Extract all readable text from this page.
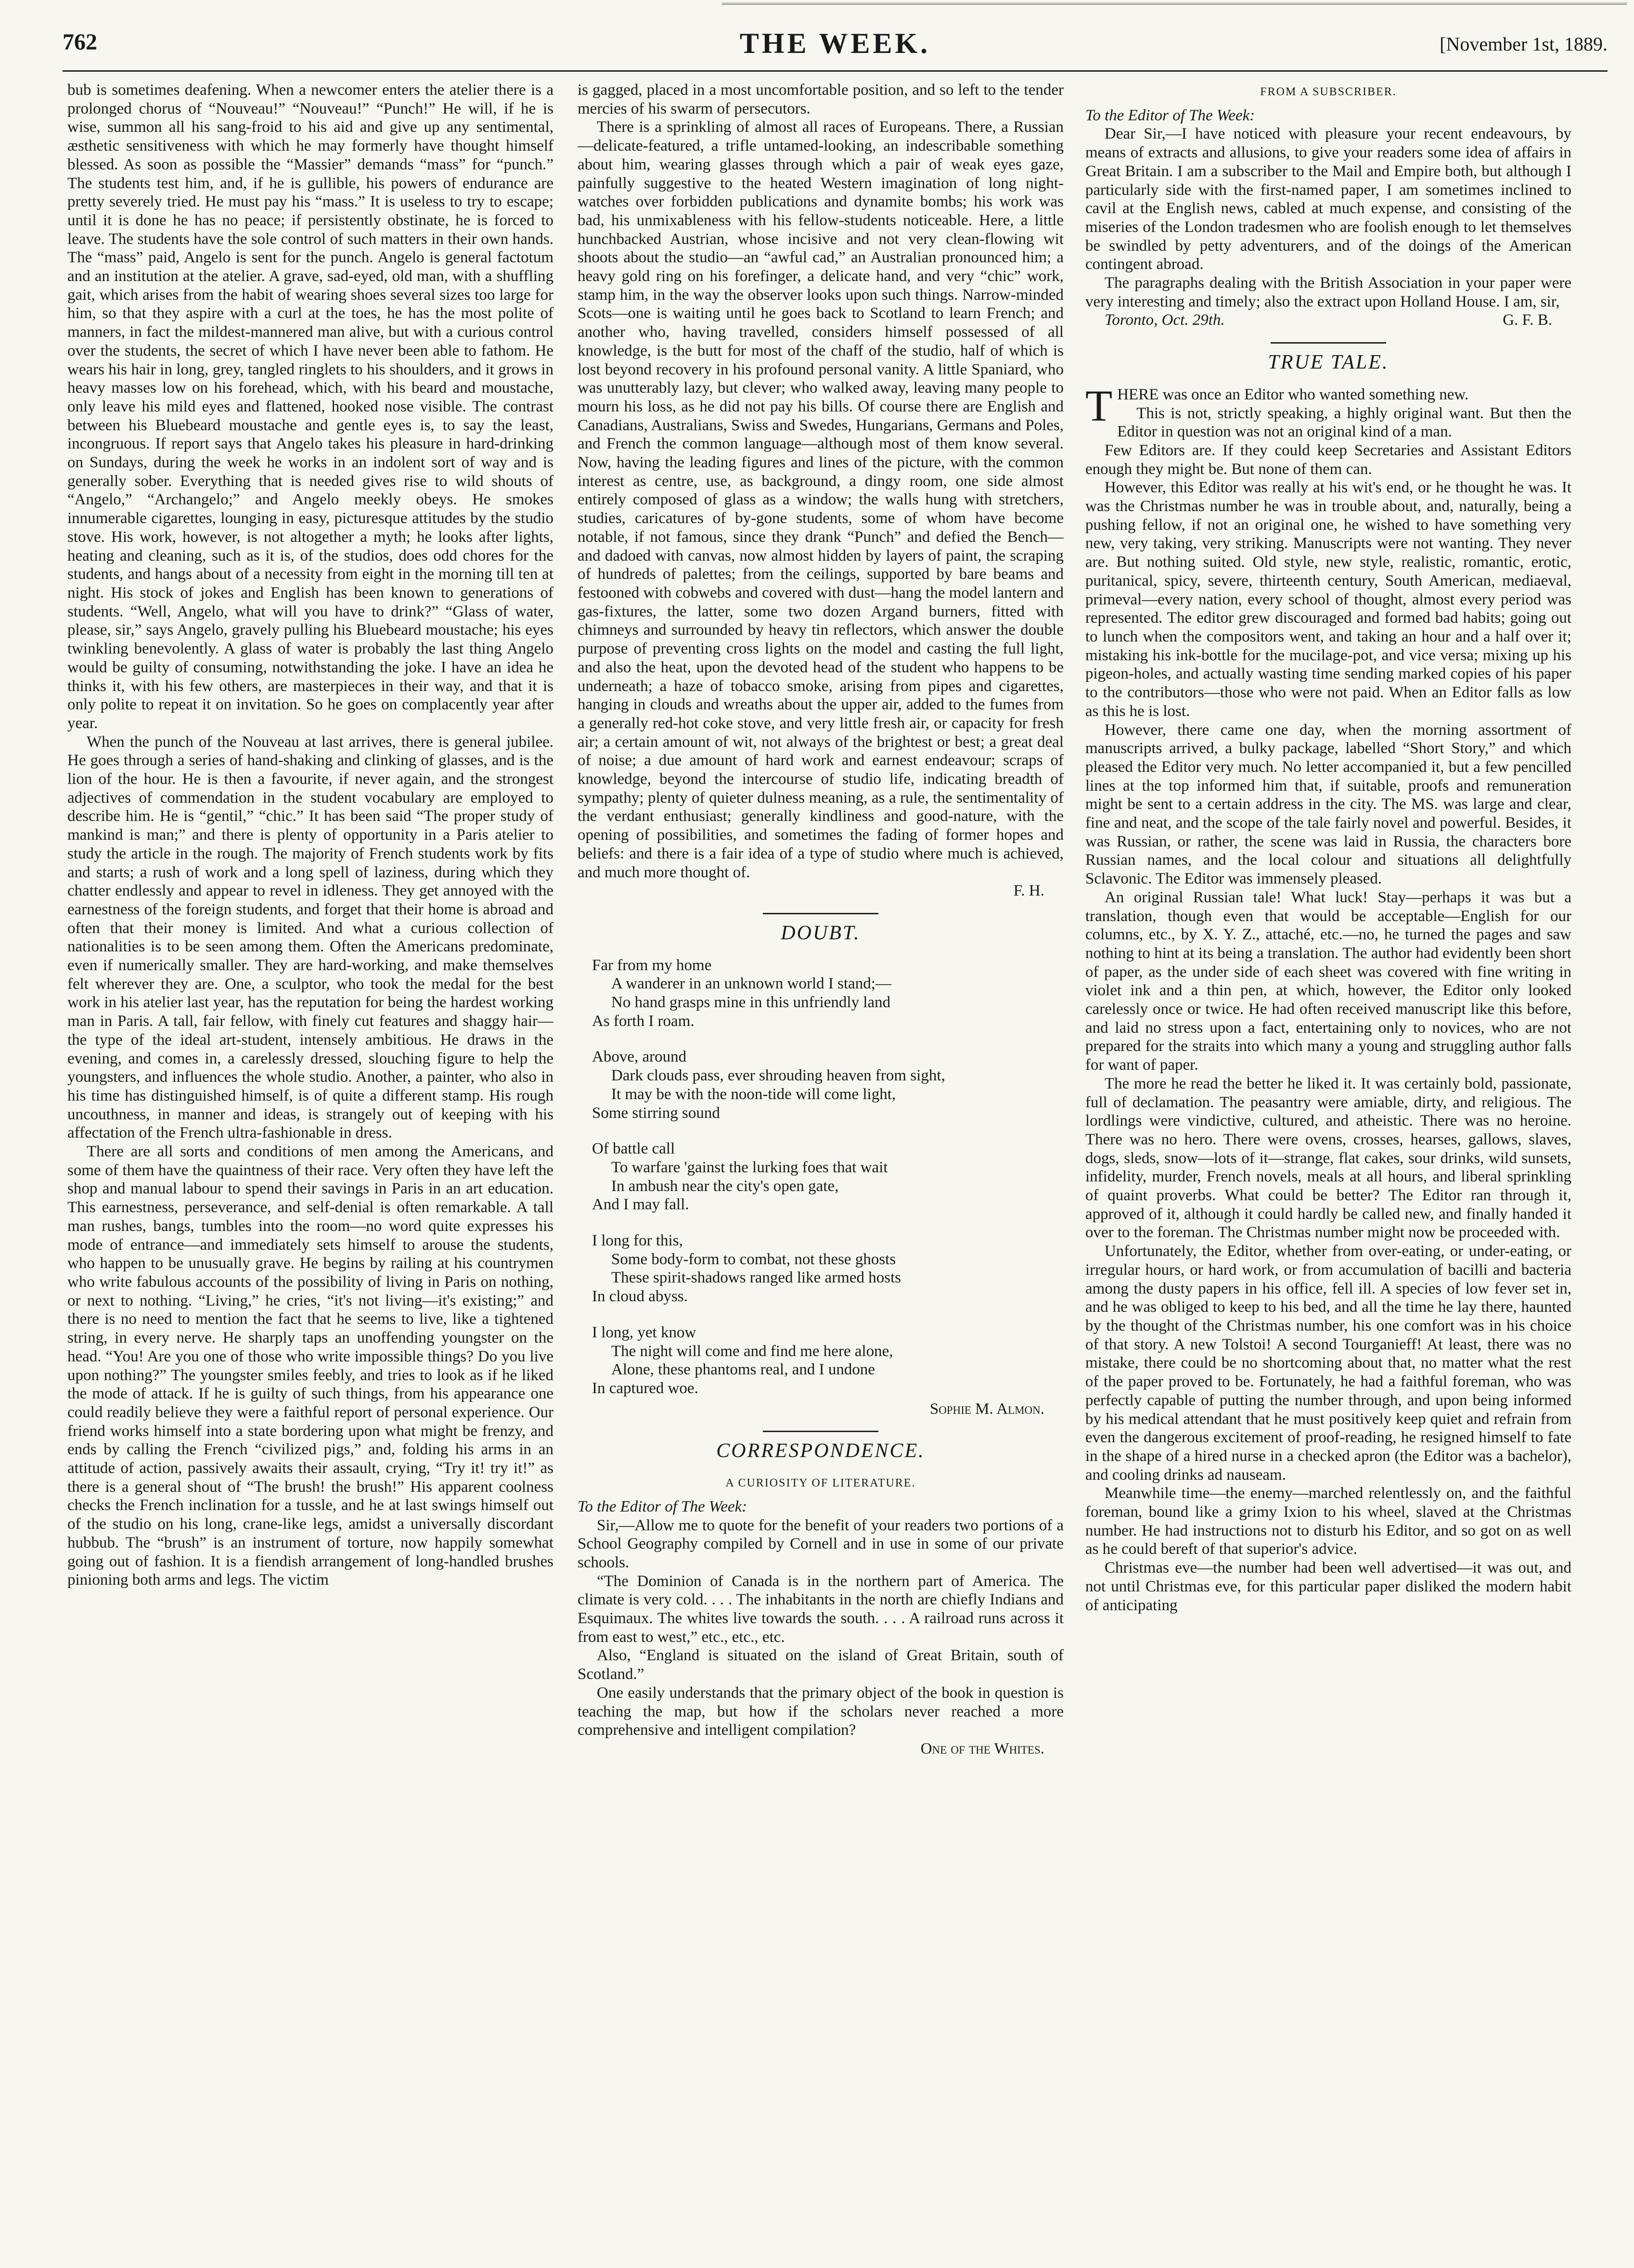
762	THE WEEK.	[November 1st, 1889.

bub is sometimes deafening. When a newcomer enters the atelier there is a prolonged chorus of “Nouveau!” “Nouveau!” “Punch!” He will, if he is wise, summon all his sang-froid to his aid and give up any sentimental, æsthetic sensitiveness with which he may formerly have thought himself blessed. As soon as possible the “Massier” demands “mass” for “punch.” The students test him, and, if he is gullible, his powers of endurance are pretty severely tried. He must pay his “mass.” It is useless to try to escape; until it is done he has no peace; if persistently obstinate, he is forced to leave. The students have the sole control of such matters in their own hands. The “mass” paid, Angelo is sent for the punch. Angelo is general factotum and an institution at the atelier. A grave, sad-eyed, old man, with a shuffling gait, which arises from the habit of wearing shoes several sizes too large for him, so that they aspire with a curl at the toes, he has the most polite of manners, in fact the mildest-mannered man alive, but with a curious control over the students, the secret of which I have never been able to fathom. He wears his hair in long, grey, tangled ringlets to his shoulders, and it grows in heavy masses low on his forehead, which, with his beard and moustache, only leave his mild eyes and flattened, hooked nose visible. The contrast between his Bluebeard moustache and gentle eyes is, to say the least, incongruous. If report says that Angelo takes his pleasure in hard-drinking on Sundays, during the week he works in an indolent sort of way and is generally sober. Everything that is needed gives rise to wild shouts of “Angelo,” “Archangelo;” and Angelo meekly obeys. He smokes innumerable cigarettes, lounging in easy, picturesque attitudes by the studio stove. His work, however, is not altogether a myth; he looks after lights, heating and cleaning, such as it is, of the studios, does odd chores for the students, and hangs about of a necessity from eight in the morning till ten at night. His stock of jokes and English has been known to generations of students. “Well, Angelo, what will you have to drink?” “Glass of water, please, sir,” says Angelo, gravely pulling his Bluebeard moustache; his eyes twinkling benevolently. A glass of water is probably the last thing Angelo would be guilty of consuming, notwithstanding the joke. I have an idea he thinks it, with his few others, are masterpieces in their way, and that it is only polite to repeat it on invitation. So he goes on complacently year after year.

When the punch of the Nouveau at last arrives, there is general jubilee. He goes through a series of hand-shaking and clinking of glasses, and is the lion of the hour. He is then a favourite, if never again, and the strongest adjectives of commendation in the student vocabulary are employed to describe him. He is “gentil,” “chic.” It has been said “The proper study of mankind is man;” and there is plenty of opportunity in a Paris atelier to study the article in the rough. The majority of French students work by fits and starts; a rush of work and a long spell of laziness, during which they chatter endlessly and appear to revel in idleness. They get annoyed with the earnestness of the foreign students, and forget that their home is abroad and often that their money is limited. And what a curious collection of nationalities is to be seen among them. Often the Americans predominate, even if numerically smaller. They are hard-working, and make themselves felt wherever they are. One, a sculptor, who took the medal for the best work in his atelier last year, has the reputation for being the hardest working man in Paris. A tall, fair fellow, with finely cut features and shaggy hair—the type of the ideal art-student, intensely ambitious. He draws in the evening, and comes in, a carelessly dressed, slouching figure to help the youngsters, and influences the whole studio. Another, a painter, who also in his time has distinguished himself, is of quite a different stamp. His rough uncouthness, in manner and ideas, is strangely out of keeping with his affectation of the French ultra-fashionable in dress.

There are all sorts and conditions of men among the Americans, and some of them have the quaintness of their race. Very often they have left the shop and manual labour to spend their savings in Paris in an art education. This earnestness, perseverance, and self-denial is often remarkable. A tall man rushes, bangs, tumbles into the room—no word quite expresses his mode of entrance—and immediately sets himself to arouse the students, who happen to be unusually grave. He begins by railing at his countrymen who write fabulous accounts of the possibility of living in Paris on nothing, or next to nothing. “Living,” he cries, “it's not living—it's existing;” and there is no need to mention the fact that he seems to live, like a tightened string, in every nerve. He sharply taps an unoffending youngster on the head. “You! Are you one of those who write impossible things? Do you live upon nothing?” The youngster smiles feebly, and tries to look as if he liked the mode of attack. If he is guilty of such things, from his appearance one could readily believe they were a faithful report of personal experience. Our friend works himself into a state bordering upon what might be frenzy, and ends by calling the French “civilized pigs,” and, folding his arms in an attitude of action, passively awaits their assault, crying, “Try it! try it!” as there is a general shout of “The brush! the brush!” His apparent coolness checks the French inclination for a tussle, and he at last swings himself out of the studio on his long, crane-like legs, amidst a universally discordant hubbub. The “brush” is an instrument of torture, now happily somewhat going out of fashion. It is a fiendish arrangement of long-handled brushes pinioning both arms and legs. The victim

is gagged, placed in a most uncomfortable position, and so left to the tender mercies of his swarm of persecutors.

There is a sprinkling of almost all races of Europeans. There, a Russian—delicate-featured, a trifle untamed-looking, an indescribable something about him, wearing glasses through which a pair of weak eyes gaze, painfully suggestive to the heated Western imagination of long night-watches over forbidden publications and dynamite bombs; his work was bad, his unmixableness with his fellow-students noticeable. Here, a little hunchbacked Austrian, whose incisive and not very clean-flowing wit shoots about the studio—an “awful cad,” an Australian pronounced him; a heavy gold ring on his forefinger, a delicate hand, and very “chic” work, stamp him, in the way the observer looks upon such things. Narrow-minded Scots—one is waiting until he goes back to Scotland to learn French; and another who, having travelled, considers himself possessed of all knowledge, is the butt for most of the chaff of the studio, half of which is lost beyond recovery in his profound personal vanity. A little Spaniard, who was unutterably lazy, but clever; who walked away, leaving many people to mourn his loss, as he did not pay his bills. Of course there are English and Canadians, Australians, Swiss and Swedes, Hungarians, Germans and Poles, and French the common language—although most of them know several. Now, having the leading figures and lines of the picture, with the common interest as centre, use, as background, a dingy room, one side almost entirely composed of glass as a window; the walls hung with stretchers, studies, caricatures of by-gone students, some of whom have become notable, if not famous, since they drank “Punch” and defied the Bench—and dadoed with canvas, now almost hidden by layers of paint, the scraping of hundreds of palettes; from the ceilings, supported by bare beams and festooned with cobwebs and covered with dust—hang the model lantern and gas-fixtures, the latter, some two dozen Argand burners, fitted with chimneys and surrounded by heavy tin reflectors, which answer the double purpose of preventing cross lights on the model and casting the full light, and also the heat, upon the devoted head of the student who happens to be underneath; a haze of tobacco smoke, arising from pipes and cigarettes, hanging in clouds and wreaths about the upper air, added to the fumes from a generally red-hot coke stove, and very little fresh air, or capacity for fresh air; a certain amount of wit, not always of the brightest or best; a great deal of noise; a due amount of hard work and earnest endeavour; scraps of knowledge, beyond the intercourse of studio life, indicating breadth of sympathy; plenty of quieter dulness meaning, as a rule, the sentimentality of the verdant enthusiast; generally kindliness and good-nature, with the opening of possibilities, and sometimes the fading of former hopes and beliefs: and there is a fair idea of a type of studio where much is achieved, and much more thought of.

F. H.
DOUBT.
Far from my home
A wanderer in an unknown world I stand;—
No hand grasps mine in this unfriendly land
As forth I roam.
Above, around
Dark clouds pass, ever shrouding heaven from sight,
It may be with the noon-tide will come light,
Some stirring sound
Of battle call
To warfare 'gainst the lurking foes that wait
In ambush near the city's open gate,
And I may fall.
I long for this,
Some body-form to combat, not these ghosts
These spirit-shadows ranged like armed hosts
In cloud abyss.
I long, yet know
The night will come and find me here alone,
Alone, these phantoms real, and I undone
In captured woe.
Sophie M. Almon.
CORRESPONDENCE.
A CURIOSITY OF LITERATURE.
To the Editor of The Week:

Sir,—Allow me to quote for the benefit of your readers two portions of a School Geography compiled by Cornell and in use in some of our private schools.

“The Dominion of Canada is in the northern part of America. The climate is very cold. . . . The inhabitants in the north are chiefly Indians and Esquimaux. The whites live towards the south. . . . A railroad runs across it from east to west,” etc., etc., etc.

Also, “England is situated on the island of Great Britain, south of Scotland.”

One easily understands that the primary object of the book in question is teaching the map, but how if the scholars never reached a more comprehensive and intelligent compilation?

One of the Whites.
FROM A SUBSCRIBER.
To the Editor of The Week:

Dear Sir,—I have noticed with pleasure your recent endeavours, by means of extracts and allusions, to give your readers some idea of affairs in Great Britain. I am a subscriber to the Mail and Empire both, but although I particularly side with the first-named paper, I am sometimes inclined to cavil at the English news, cabled at much expense, and consisting of the miseries of the London tradesmen who are foolish enough to let themselves be swindled by petty adventurers, and of the doings of the American contingent abroad.

The paragraphs dealing with the British Association in your paper were very interesting and timely; also the extract upon Holland House. I am, sir,

G. F. B.
Toronto, Oct. 29th.
TRUE TALE.

THERE was once an Editor who wanted something new.

This is not, strictly speaking, a highly original want. But then the Editor in question was not an original kind of a man.

Few Editors are. If they could keep Secretaries and Assistant Editors enough they might be. But none of them can.

However, this Editor was really at his wit's end, or he thought he was. It was the Christmas number he was in trouble about, and, naturally, being a pushing fellow, if not an original one, he wished to have something very new, very taking, very striking. Manuscripts were not wanting. They never are. But nothing suited. Old style, new style, realistic, romantic, erotic, puritanical, spicy, severe, thirteenth century, South American, mediaeval, primeval—every nation, every school of thought, almost every period was represented. The editor grew discouraged and formed bad habits; going out to lunch when the compositors went, and taking an hour and a half over it; mistaking his ink-bottle for the mucilage-pot, and vice versa; mixing up his pigeon-holes, and actually wasting time sending marked copies of his paper to the contributors—those who were not paid. When an Editor falls as low as this he is lost.

However, there came one day, when the morning assortment of manuscripts arrived, a bulky package, labelled “Short Story,” and which pleased the Editor very much. No letter accompanied it, but a few pencilled lines at the top informed him that, if suitable, proofs and remuneration might be sent to a certain address in the city. The MS. was large and clear, fine and neat, and the scope of the tale fairly novel and powerful. Besides, it was Russian, or rather, the scene was laid in Russia, the characters bore Russian names, and the local colour and situations all delightfully Sclavonic. The Editor was immensely pleased.

An original Russian tale! What luck! Stay—perhaps it was but a translation, though even that would be acceptable—English for our columns, etc., by X. Y. Z., attaché, etc.—no, he turned the pages and saw nothing to hint at its being a translation. The author had evidently been short of paper, as the under side of each sheet was covered with fine writing in violet ink and a thin pen, at which, however, the Editor only looked carelessly once or twice. He had often received manuscript like this before, and laid no stress upon a fact, entertaining only to novices, who are not prepared for the straits into which many a young and struggling author falls for want of paper.

The more he read the better he liked it. It was certainly bold, passionate, full of declamation. The peasantry were amiable, dirty, and religious. The lordlings were vindictive, cultured, and atheistic. There was no heroine. There was no hero. There were ovens, crosses, hearses, gallows, slaves, dogs, sleds, snow—lots of it—strange, flat cakes, sour drinks, wild sunsets, infidelity, murder, French novels, meals at all hours, and liberal sprinkling of quaint proverbs. What could be better? The Editor ran through it, approved of it, although it could hardly be called new, and finally handed it over to the foreman. The Christmas number might now be proceeded with.

Unfortunately, the Editor, whether from over-eating, or under-eating, or irregular hours, or hard work, or from accumulation of bacilli and bacteria among the dusty papers in his office, fell ill. A species of low fever set in, and he was obliged to keep to his bed, and all the time he lay there, haunted by the thought of the Christmas number, his one comfort was in his choice of that story. A new Tolstoi! A second Tourganieff! At least, there was no mistake, there could be no shortcoming about that, no matter what the rest of the paper proved to be. Fortunately, he had a faithful foreman, who was perfectly capable of putting the number through, and upon being informed by his medical attendant that he must positively keep quiet and refrain from even the dangerous excitement of proof-reading, he resigned himself to fate in the shape of a hired nurse in a checked apron (the Editor was a bachelor), and cooling drinks ad nauseam.

Meanwhile time—the enemy—marched relentlessly on, and the faithful foreman, bound like a grimy Ixion to his wheel, slaved at the Christmas number. He had instructions not to disturb his Editor, and so got on as well as he could bereft of that superior's advice.

Christmas eve—the number had been well advertised—it was out, and not until Christmas eve, for this particular paper disliked the modern habit of anticipating
